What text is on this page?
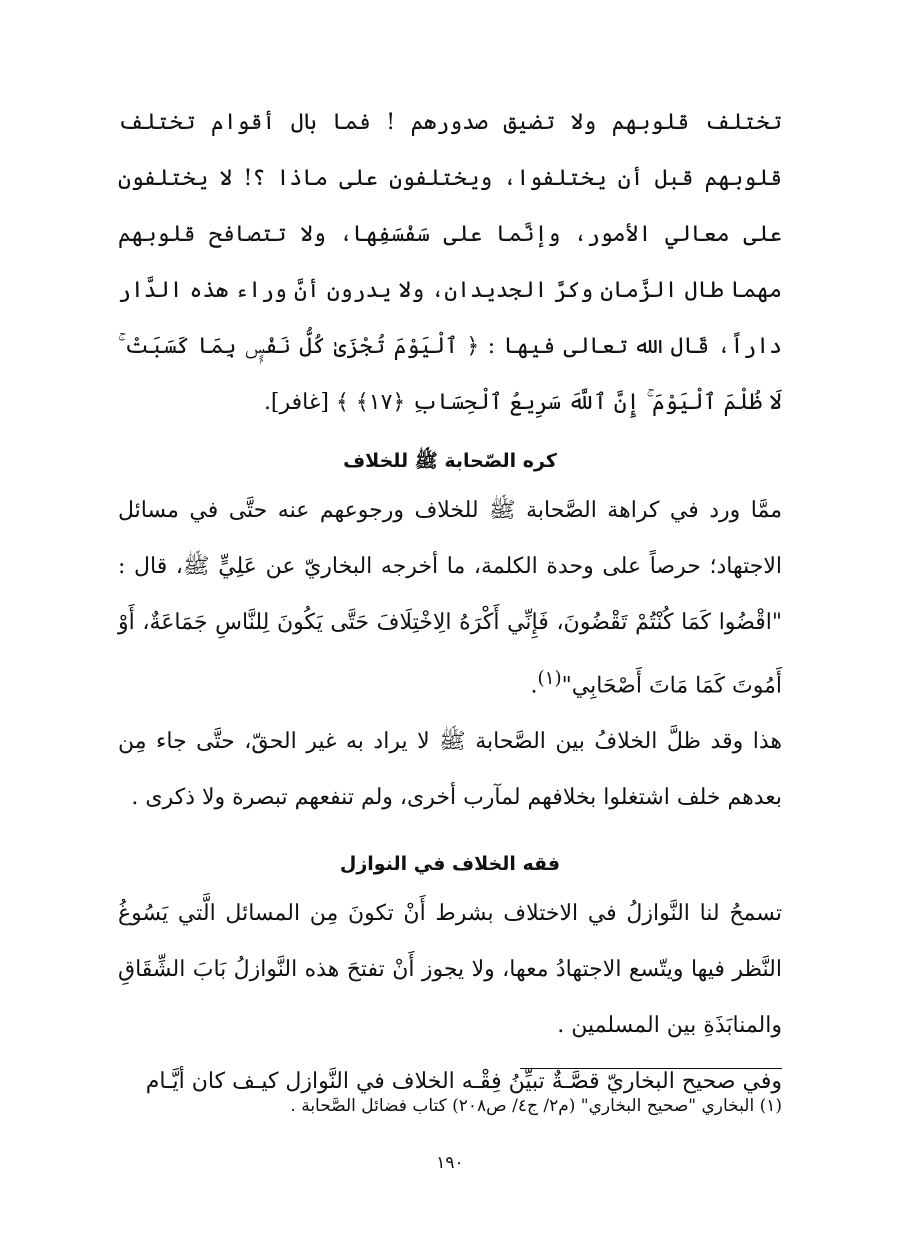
تختلف قلوبهم ولا تضيق صدورهم ! فما بال أقوام تختلف قلوبهم قبل أن يختلفوا، ويختلفون على ماذا ؟! لا يختلفون على معالي الأمور، وإنَّما على سَفْسَفِها، ولا تتصافح قلوبهم مهما طال الزَّمان وكرَّ الجديدان، ولا يدرون أنَّ وراء هذه الدَّار داراً، قَال الله تعالى فيها : ﴿ ٱلْيَوْمَ تُجْزَىٰ كُلُّ نَفْسٍۭ بِمَا كَسَبَتْ ۚ لَا ظُلْمَ ٱلْيَوْمَ ۚ إِنَّ ٱللَّهَ سَرِيعُ ٱلْحِسَابِ ﴿١٧﴾ ﴾ [غافر].

كره الصّحابة ﷺ للخلاف

ممَّا ورد في كراهة الصَّحابة ﷺ للخلاف ورجوعهم عنه حتَّى في مسائل الاجتهاد؛ حرصاً على وحدة الكلمة، ما أخرجه البخاريّ عن عَلِيٍّ ﷺ، قال : "اقْضُوا كَمَا كُنْتُمْ تَقْضُونَ، فَإِنِّي أَكْرَهُ الِاخْتِلَافَ حَتَّى يَكُونَ لِلنَّاسِ جَمَاعَةٌ، أَوْ أَمُوتَ كَمَا مَاتَ أَصْحَابِي"$^{(١)}$.

هذا وقد ظلَّ الخلافُ بين الصَّحابة ﷺ لا يراد به غير الحقّ، حتَّى جاء مِن بعدهم خلف اشتغلوا بخلافهم لمآرب أخرى، ولم تنفعهم تبصرة ولا ذكرى .

فقه الخلاف في النوازل

تسمحُ لنا النَّوازلُ في الاختلاف بشرط أَنْ تكونَ مِن المسائل الَّتي يَسُوغُ النَّظر فيها ويتّسع الاجتهادُ معها، ولا يجوز أَنْ تفتحَ هذه النَّوازلُ بَابَ الشِّقَاقِ والمنابَذَةِ بين المسلمين .

وفي صحيح البخاريّ قصَّـةٌ تبيِّنُ فِقْـه الخلاف في النَّوازل كيـف كان أيَّـام

(١) البخاري "صحيح البخاري" (م٢/ ج٤/ ص٢٠٨) كتاب فضائل الصَّحابة .
١٩٠
